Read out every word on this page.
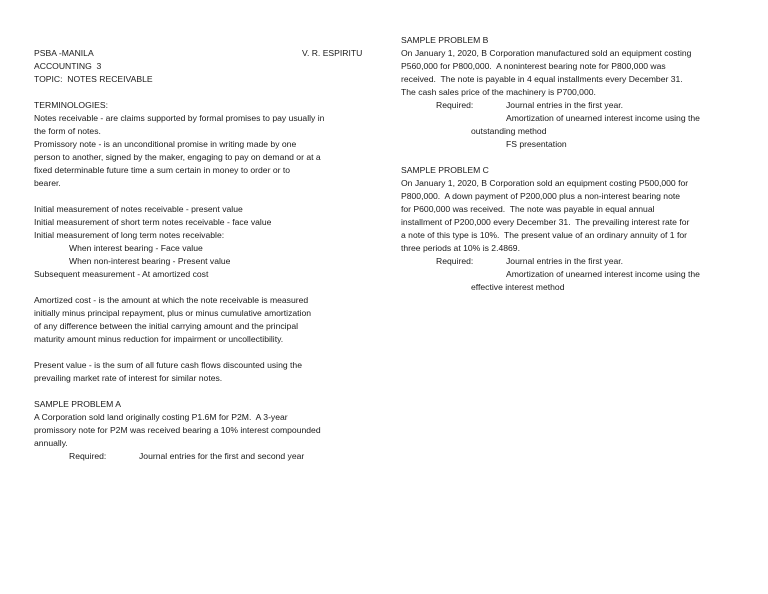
PSBA -MANILA
ACCOUNTING  3
V. R. ESPIRITU
TOPIC:  NOTES RECEIVABLE
TERMINOLOGIES:
Notes receivable - are claims supported by formal promises to pay usually in
the form of notes.
Promissory note - is an unconditional promise in writing made by one
person to another, signed by the maker, engaging to pay on demand or at a
fixed determinable future time a sum certain in money to order or to
bearer.
Initial measurement of notes receivable - present value
Initial measurement of short term notes receivable - face value
Initial measurement of long term notes receivable:
When interest bearing - Face value
When non-interest bearing - Present value
Subsequent measurement - At amortized cost
Amortized cost - is the amount at which the note receivable is measured
initially minus principal repayment, plus or minus cumulative amortization
of any difference between the initial carrying amount and the principal
maturity amount minus reduction for impairment or uncollectibility.
Present value - is the sum of all future cash flows discounted using the
prevailing market rate of interest for similar notes.
SAMPLE PROBLEM A
A Corporation sold land originally costing P1.6M for P2M.  A 3-year
promissory note for P2M was received bearing a 10% interest compounded
annually.
Required:	Journal entries for the first and second year
SAMPLE PROBLEM B
On January 1, 2020, B Corporation manufactured sold an equipment costing
P560,000 for P800,000.  A noninterest bearing note for P800,000 was
received.  The note is payable in 4 equal installments every December 31.
The cash sales price of the machinery is P700,000.
Required:	Journal entries in the first year.
Amortization of unearned interest income using the
outstanding method
FS presentation
SAMPLE PROBLEM C
On January 1, 2020, B Corporation sold an equipment costing P500,000 for
P800,000.  A down payment of P200,000 plus a non-interest bearing note
for P600,000 was received.  The note was payable in equal annual
installment of P200,000 every December 31.  The prevailing interest rate for
a note of this type is 10%.  The present value of an ordinary annuity of 1 for
three periods at 10% is 2.4869.
Required:	Journal entries in the first year.
Amortization of unearned interest income using the
effective interest method
